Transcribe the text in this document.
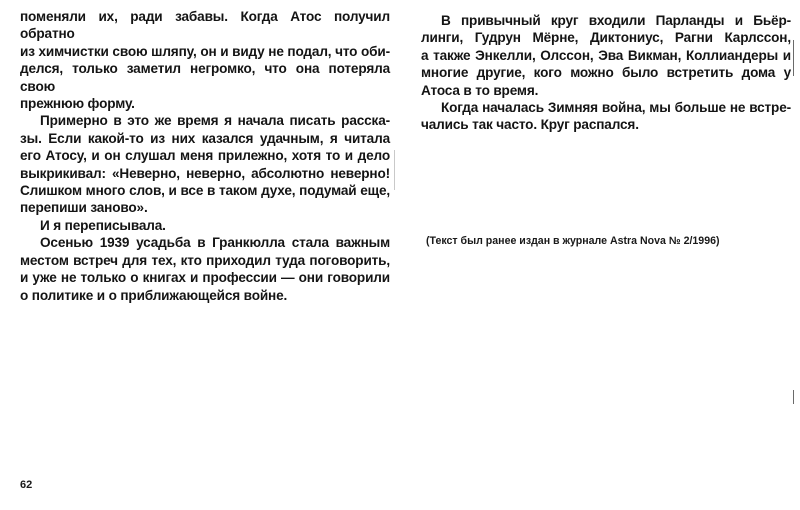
поменяли их, ради забавы. Когда Атос получил обратно
из химчистки свою шляпу, он и виду не подал, что оби-
делся, только заметил негромко, что она потеряла свою
прежнюю форму.
Примерно в это же время я начала писать расска-
зы. Если какой-то из них казался удачным, я читала
его Атосу, и он слушал меня прилежно, хотя то и дело
выкрикивал: «Неверно, неверно, абсолютно неверно!
Слишком много слов, и все в таком духе, подумай еще,
перепиши заново».
И я переписывала.
Осенью 1939 усадьба в Гранкюлла стала важным
местом встреч для тех, кто приходил туда поговорить,
и уже не только о книгах и профессии — они говорили
о политике и о приближающейся войне.
62
В привычный круг входили Парланды и Бьёр-
линги, Гудрун Мёрне, Диктониус, Рагни Карлссон,
а также Энкелли, Олссон, Эва Викман, Коллиандеры и
многие другие, кого можно было встретить дома у
Атоса в то время.
Когда началась Зимняя война, мы больше не встре-
чались так часто. Круг распался.
(Текст был ранее издан в журнале Astra Nova № 2/1996)
